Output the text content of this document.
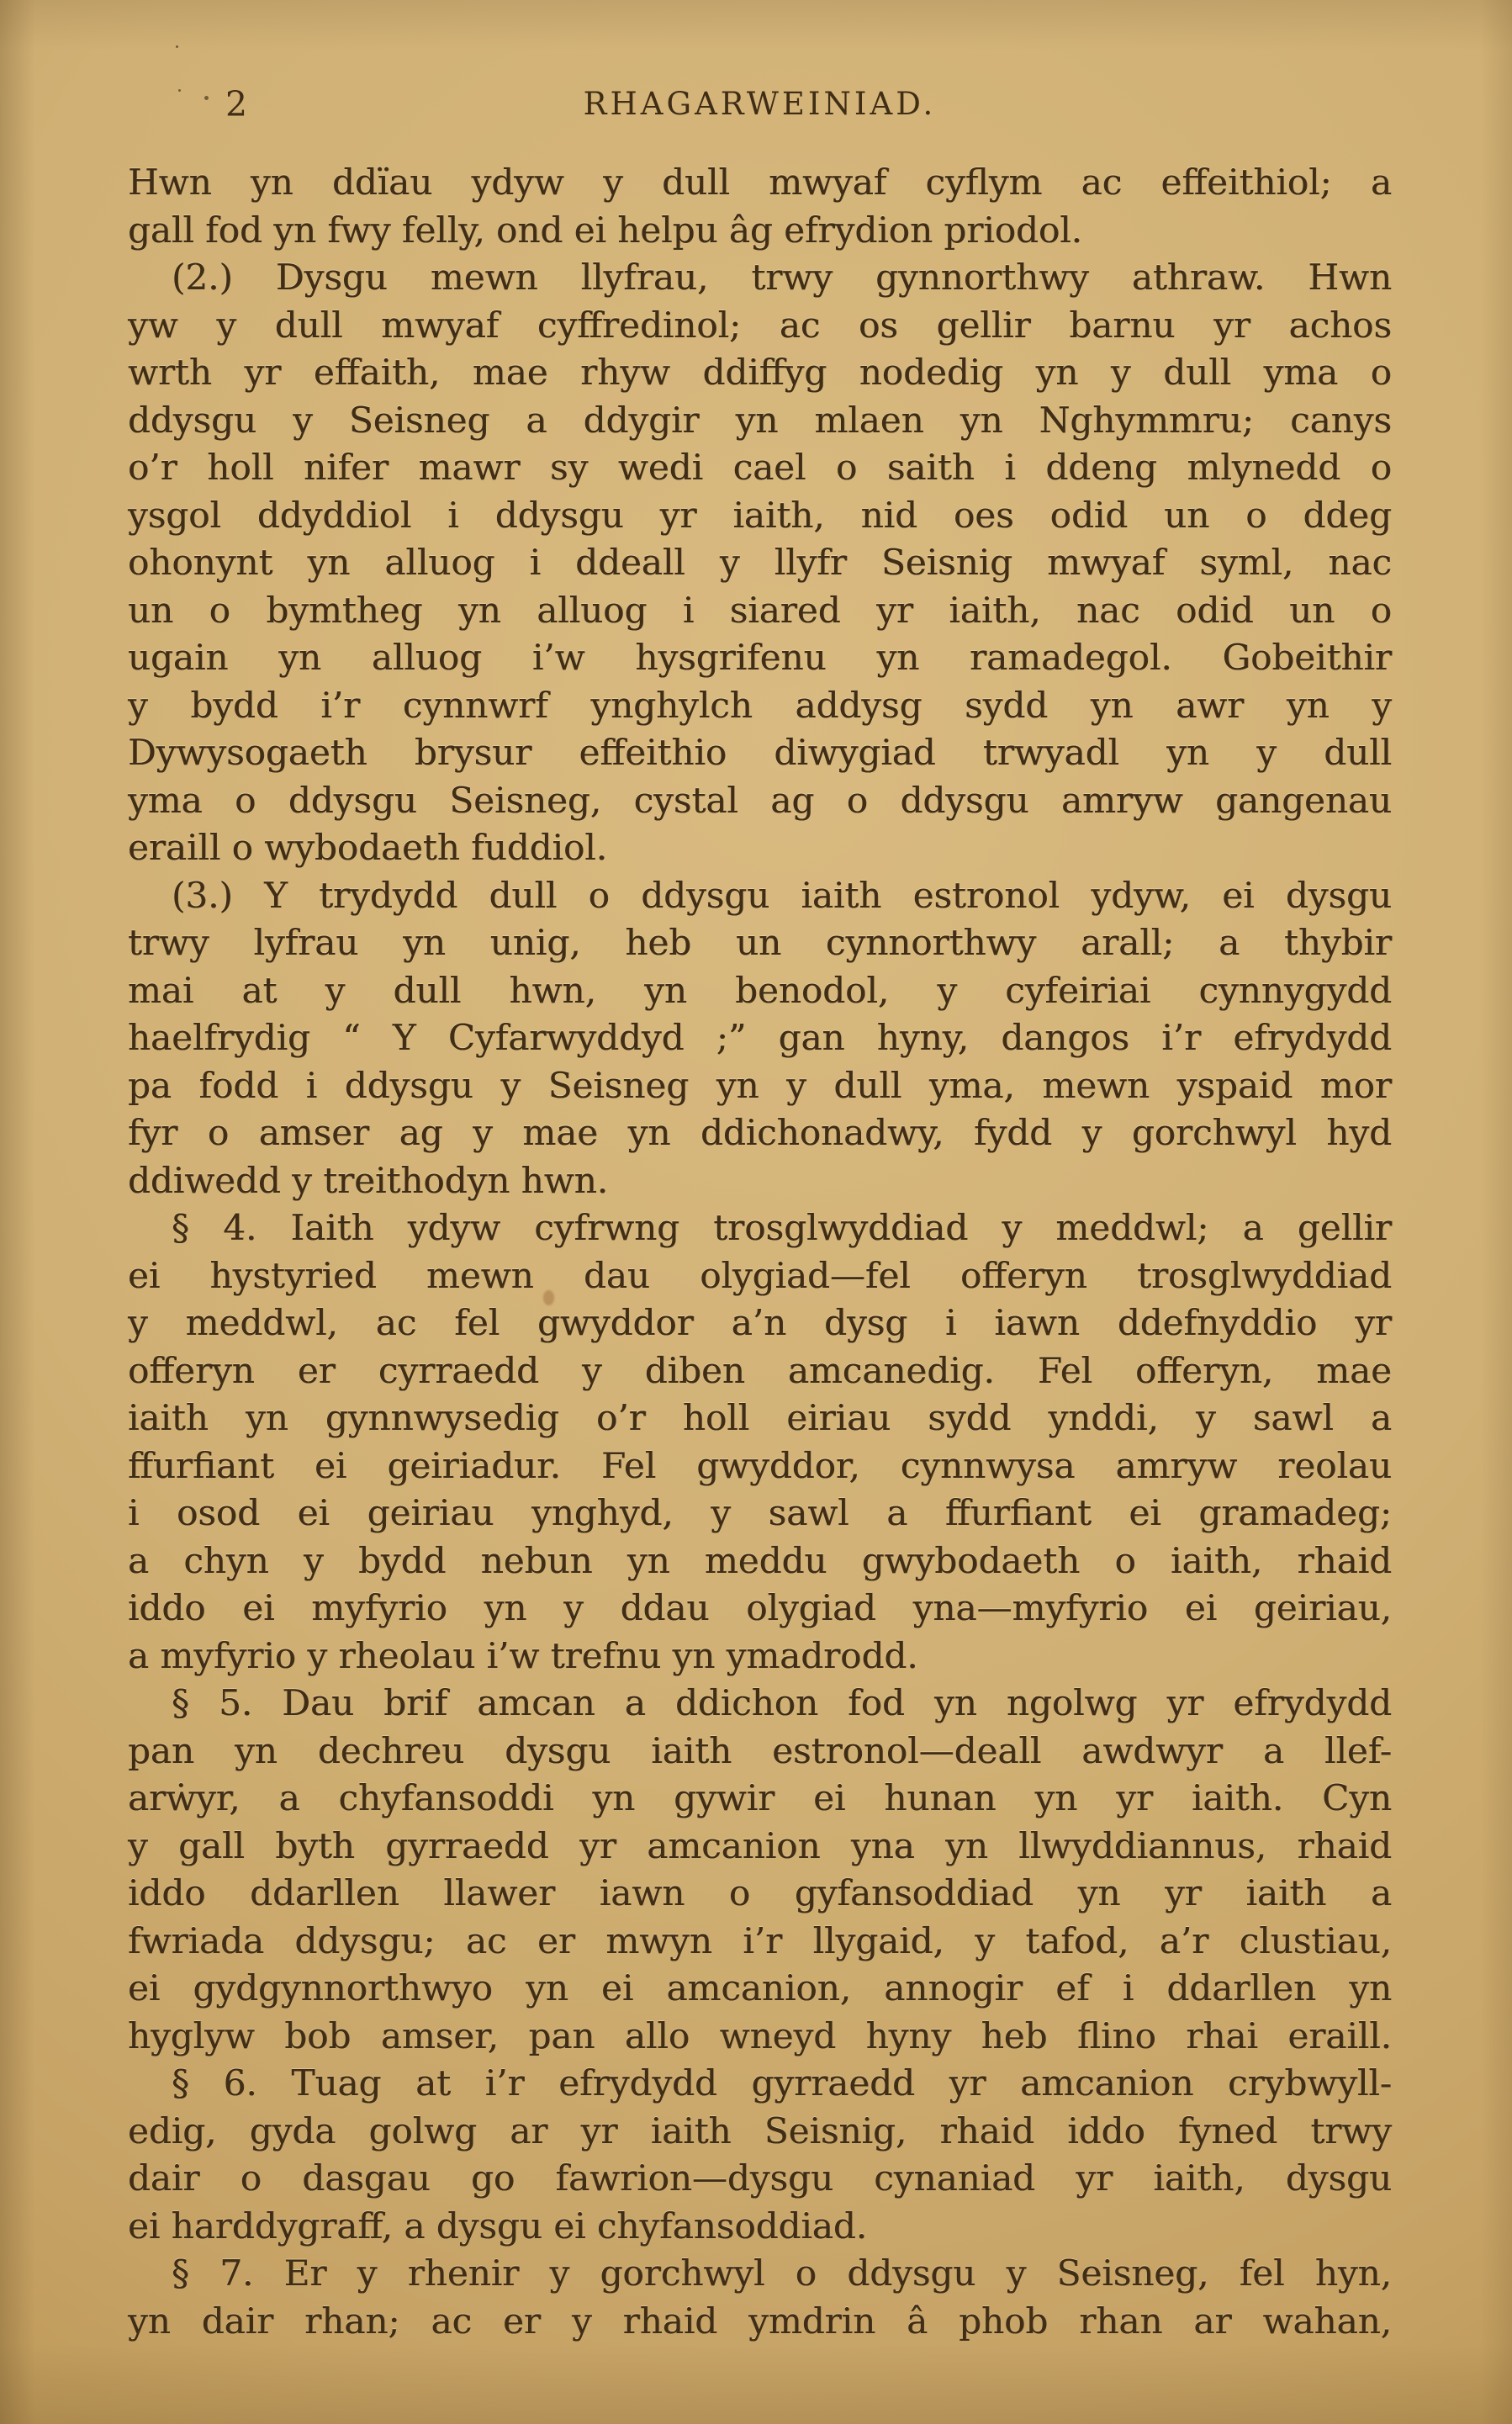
2	RHAGARWEINIAD.
Hwn yn ddïau ydyw y dull mwyaf cyflym ac effeithiol; a
gall fod yn fwy felly, ond ei helpu âg efrydion priodol.
(2.) Dysgu mewn llyfrau, trwy gynnorthwy athraw. Hwn
yw y dull mwyaf cyffredinol; ac os gellir barnu yr achos
wrth yr effaith, mae rhyw ddiffyg nodedig yn y dull yma o
ddysgu y Seisneg a ddygir yn mlaen yn Nghymmru; canys
o’r holl nifer mawr sy wedi cael o saith i ddeng mlynedd o
ysgol ddyddiol i ddysgu yr iaith, nid oes odid un o ddeg
ohonynt yn alluog i ddeall y llyfr Seisnig mwyaf syml, nac
un o bymtheg yn alluog i siared yr iaith, nac odid un o
ugain yn alluog i’w hysgrifenu yn ramadegol. Gobeithir
y bydd i’r cynnwrf ynghylch addysg sydd yn awr yn y
Dywysogaeth brysur effeithio diwygiad trwyadl yn y dull
yma o ddysgu Seisneg, cystal ag o ddysgu amryw gangenau
eraill o wybodaeth fuddiol.
(3.) Y trydydd dull o ddysgu iaith estronol ydyw, ei dysgu
trwy lyfrau yn unig, heb un cynnorthwy arall; a thybir
mai at y dull hwn, yn benodol, y cyfeiriai cynnygydd
haelfrydig “ Y Cyfarwyddyd ;” gan hyny, dangos i’r efrydydd
pa fodd i ddysgu y Seisneg yn y dull yma, mewn yspaid mor
fyr o amser ag y mae yn ddichonadwy, fydd y gorchwyl hyd
ddiwedd y treithodyn hwn.
§ 4. Iaith ydyw cyfrwng trosglwyddiad y meddwl; a gellir
ei hystyried mewn dau olygiad—fel offeryn trosglwyddiad
y meddwl, ac fel gwyddor a’n dysg i iawn ddefnyddio yr
offeryn er cyrraedd y diben amcanedig. Fel offeryn, mae
iaith yn gynnwysedig o’r holl eiriau sydd ynddi, y sawl a
ffurfiant ei geiriadur. Fel gwyddor, cynnwysa amryw reolau
i osod ei geiriau ynghyd, y sawl a ffurfiant ei gramadeg;
a chyn y bydd nebun yn meddu gwybodaeth o iaith, rhaid
iddo ei myfyrio yn y ddau olygiad yna—myfyrio ei geiriau,
a myfyrio y rheolau i’w trefnu yn ymadrodd.
§ 5. Dau brif amcan a ddichon fod yn ngolwg yr efrydydd
pan yn dechreu dysgu iaith estronol—deall awdwyr a llef-
arẇyr, a chyfansoddi yn gywir ei hunan yn yr iaith. Cyn
y gall byth gyrraedd yr amcanion yna yn llwyddiannus, rhaid
iddo ddarllen llawer iawn o gyfansoddiad yn yr iaith a
fwriada ddysgu; ac er mwyn i’r llygaid, y tafod, a’r clustiau,
ei gydgynnorthwyo yn ei amcanion, annogir ef i ddarllen yn
hyglyw bob amser, pan allo wneyd hyny heb flino rhai eraill.
§ 6. Tuag at i’r efrydydd gyrraedd yr amcanion crybwyll-
edig, gyda golwg ar yr iaith Seisnig, rhaid iddo fyned trwy
dair o dasgau go fawrion—dysgu cynaniad yr iaith, dysgu
ei harddygraff, a dysgu ei chyfansoddiad.
§ 7. Er y rhenir y gorchwyl o ddysgu y Seisneg, fel hyn,
yn dair rhan; ac er y rhaid ymdrin â phob rhan ar wahan,
